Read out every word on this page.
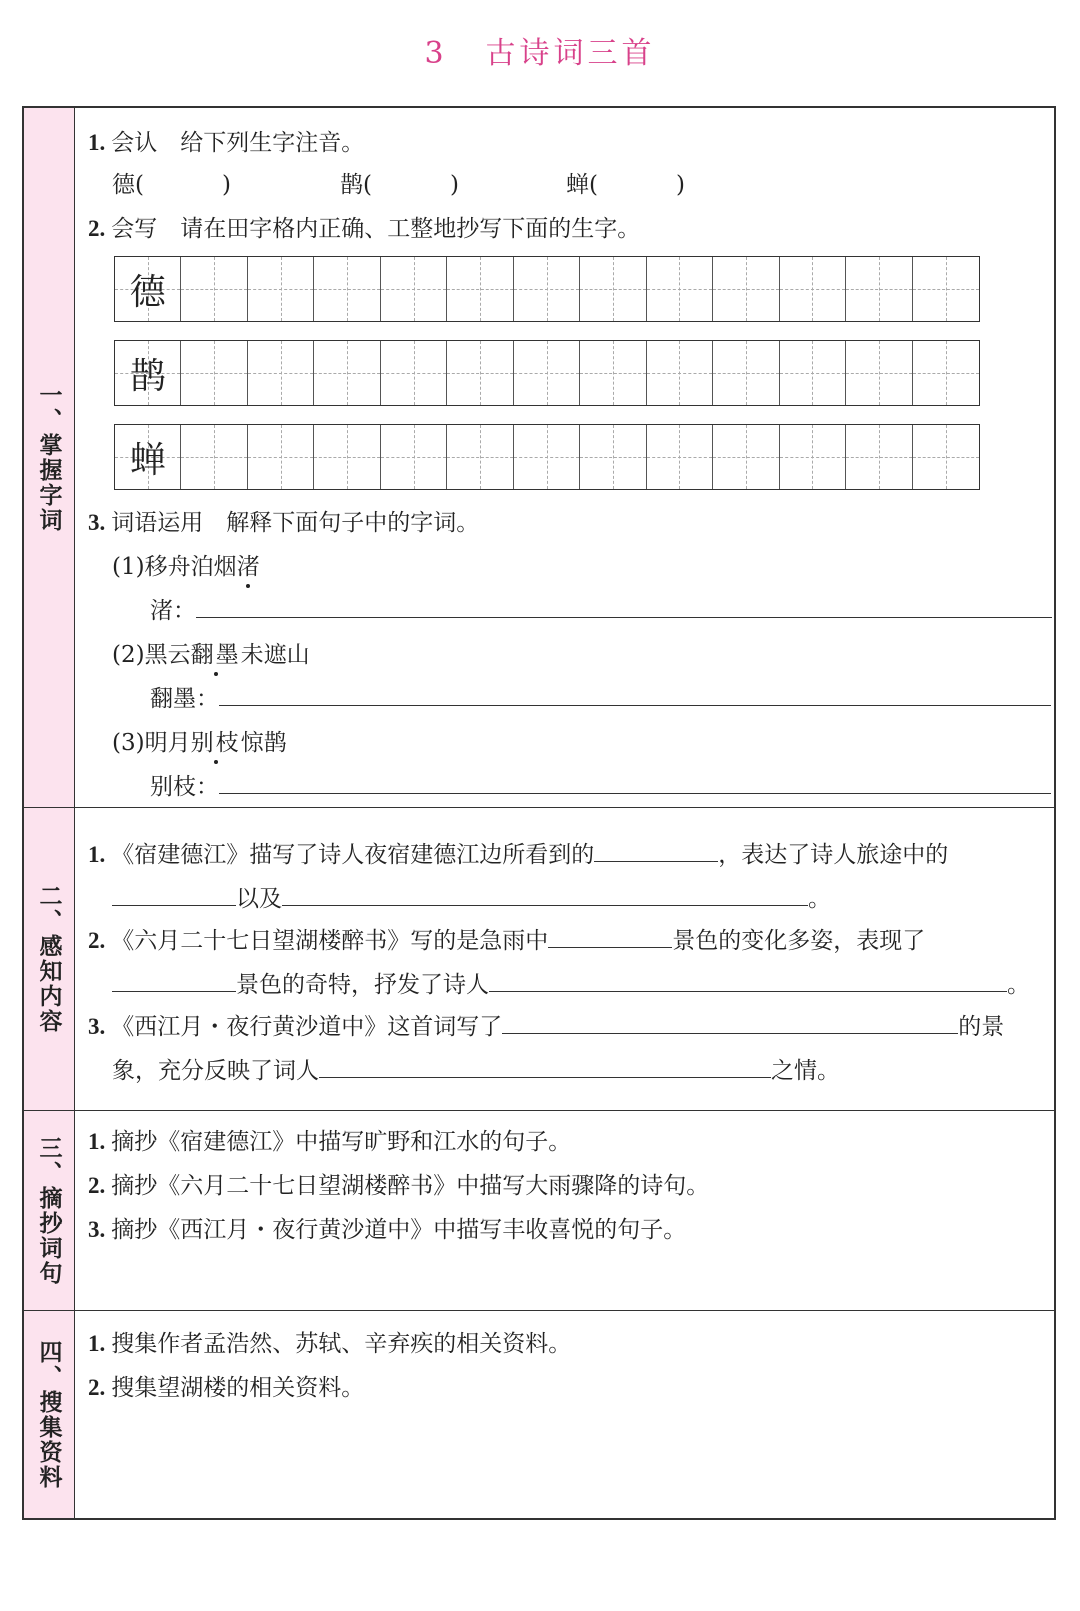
3 古诗词三首
一、掌握字词
1. 会认　给下列生字注音。
德(	)	鹊(	)	蝉(	)
2. 会写　请在田字格内正确、工整地抄写下面的生字。
德
鹊
蝉
3. 词语运用　解释下面句子中的字词。
(1)移舟泊烟渚
渚：
(2)黑云翻墨未遮山
翻墨：
(3)明月别枝惊鹊
别枝：
二、感知内容
1. 《宿建德江》描写了诗人夜宿建德江边所看到的	，表达了诗人旅途中的
以及	。
2. 《六月二十七日望湖楼醉书》写的是急雨中	景色的变化多姿，表现了
景色的奇特，抒发了诗人	。
3. 《西江月・夜行黄沙道中》这首词写了	的景
象，充分反映了词人	之情。
三、摘抄词句 1. 摘抄《宿建德江》中描写旷野和江水的句子。
2. 摘抄《六月二十七日望湖楼醉书》中描写大雨骤降的诗句。
3. 摘抄《西江月・夜行黄沙道中》中描写丰收喜悦的句子。
四、搜集资料 1. 搜集作者孟浩然、苏轼、辛弃疾的相关资料。
2. 搜集望湖楼的相关资料。
